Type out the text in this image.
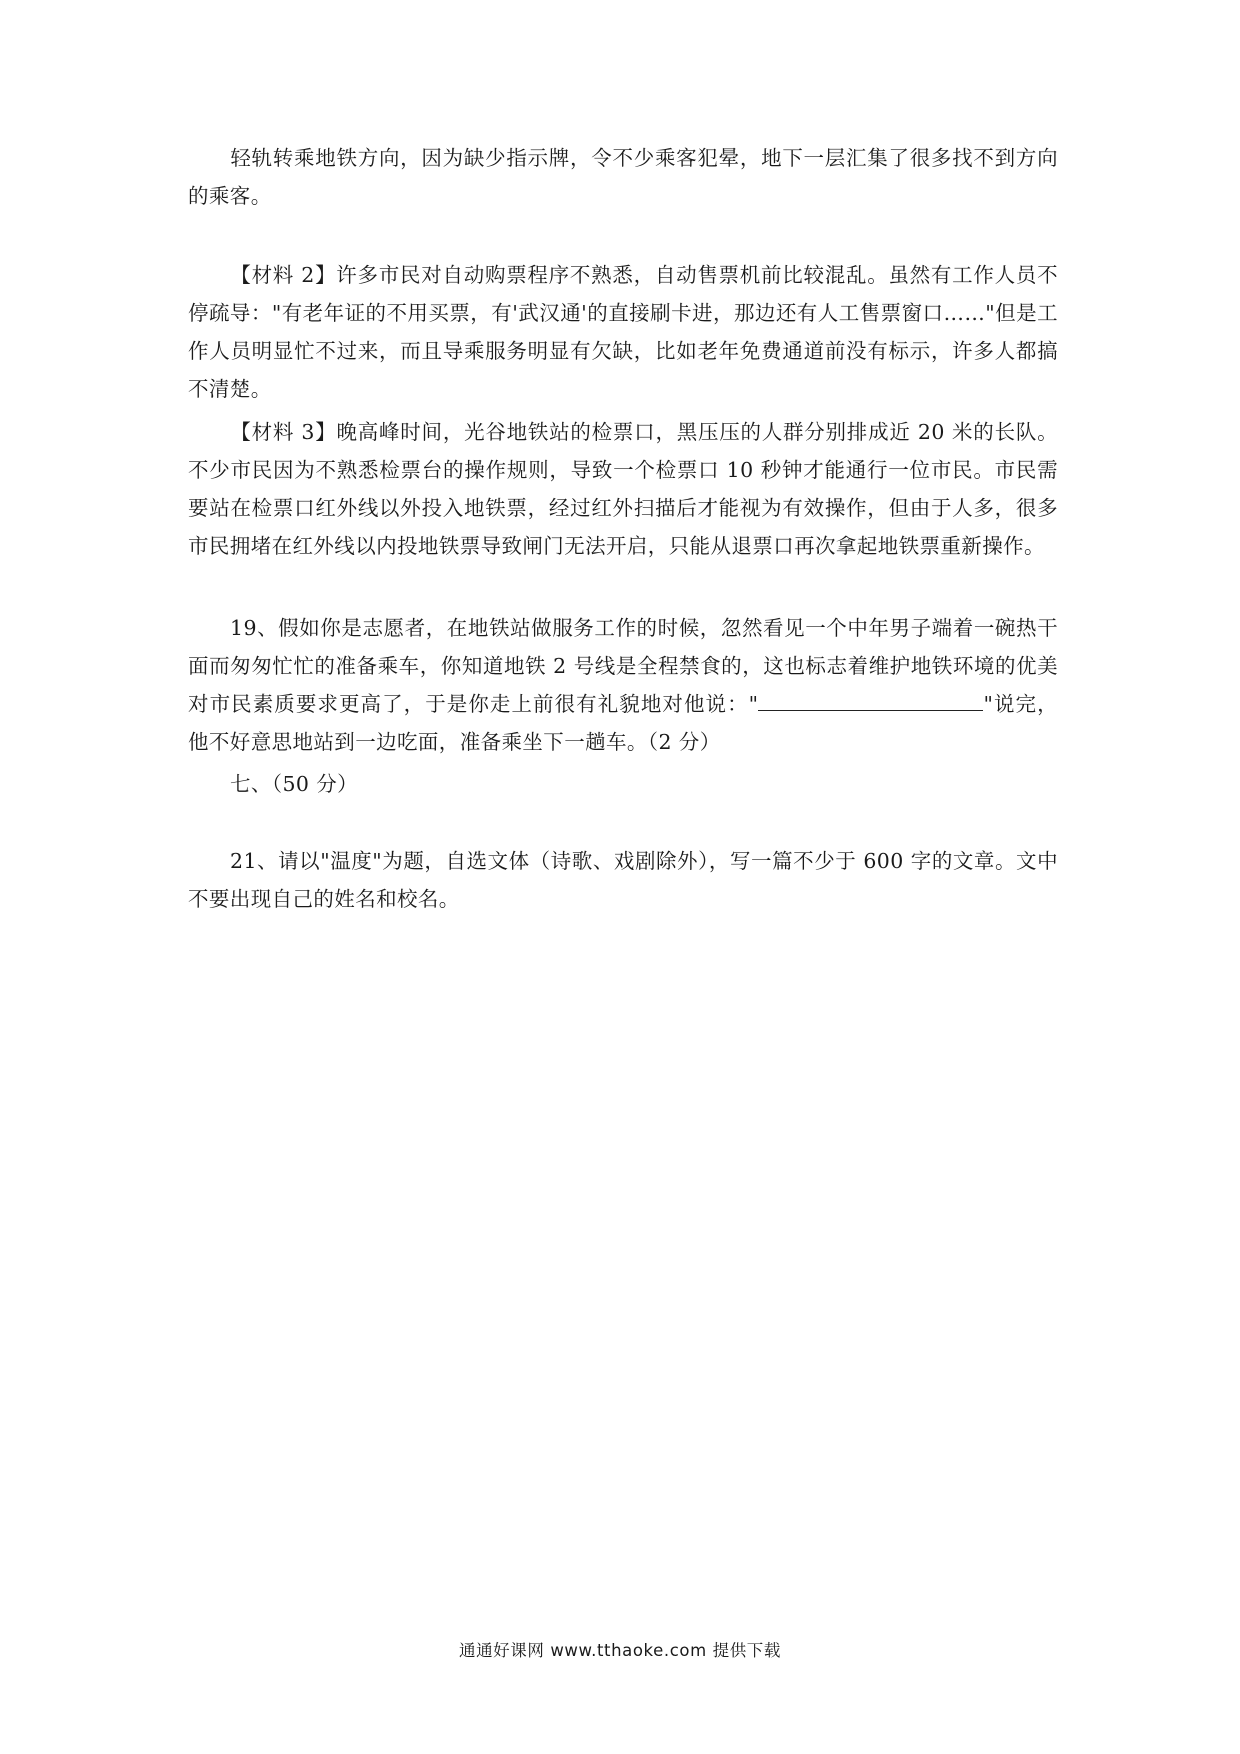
轻轨转乘地铁方向，因为缺少指示牌，令不少乘客犯晕，地下一层汇集了很多找不到方向的乘客。

【材料 2】许多市民对自动购票程序不熟悉，自动售票机前比较混乱。虽然有工作人员不停疏导："有老年证的不用买票，有'武汉通'的直接刷卡进，那边还有人工售票窗口……"但是工作人员明显忙不过来，而且导乘服务明显有欠缺，比如老年免费通道前没有标示，许多人都搞不清楚。

【材料 3】晚高峰时间，光谷地铁站的检票口，黑压压的人群分别排成近 20 米的长队。不少市民因为不熟悉检票台的操作规则，导致一个检票口 10 秒钟才能通行一位市民。市民需要站在检票口红外线以外投入地铁票，经过红外扫描后才能视为有效操作，但由于人多，很多市民拥堵在红外线以内投地铁票导致闸门无法开启，只能从退票口再次拿起地铁票重新操作。

19、假如你是志愿者，在地铁站做服务工作的时候，忽然看见一个中年男子端着一碗热干面而匆匆忙忙的准备乘车，你知道地铁 2 号线是全程禁食的，这也标志着维护地铁环境的优美对市民素质要求更高了，于是你走上前很有礼貌地对他说："	"说完，他不好意思地站到一边吃面，准备乘坐下一趟车。（2 分）

七、（50 分）

21、请以"温度"为题，自选文体（诗歌、戏剧除外），写一篇不少于 600 字的文章。文中不要出现自己的姓名和校名。

通通好课网 www.tthaoke.com 提供下载
